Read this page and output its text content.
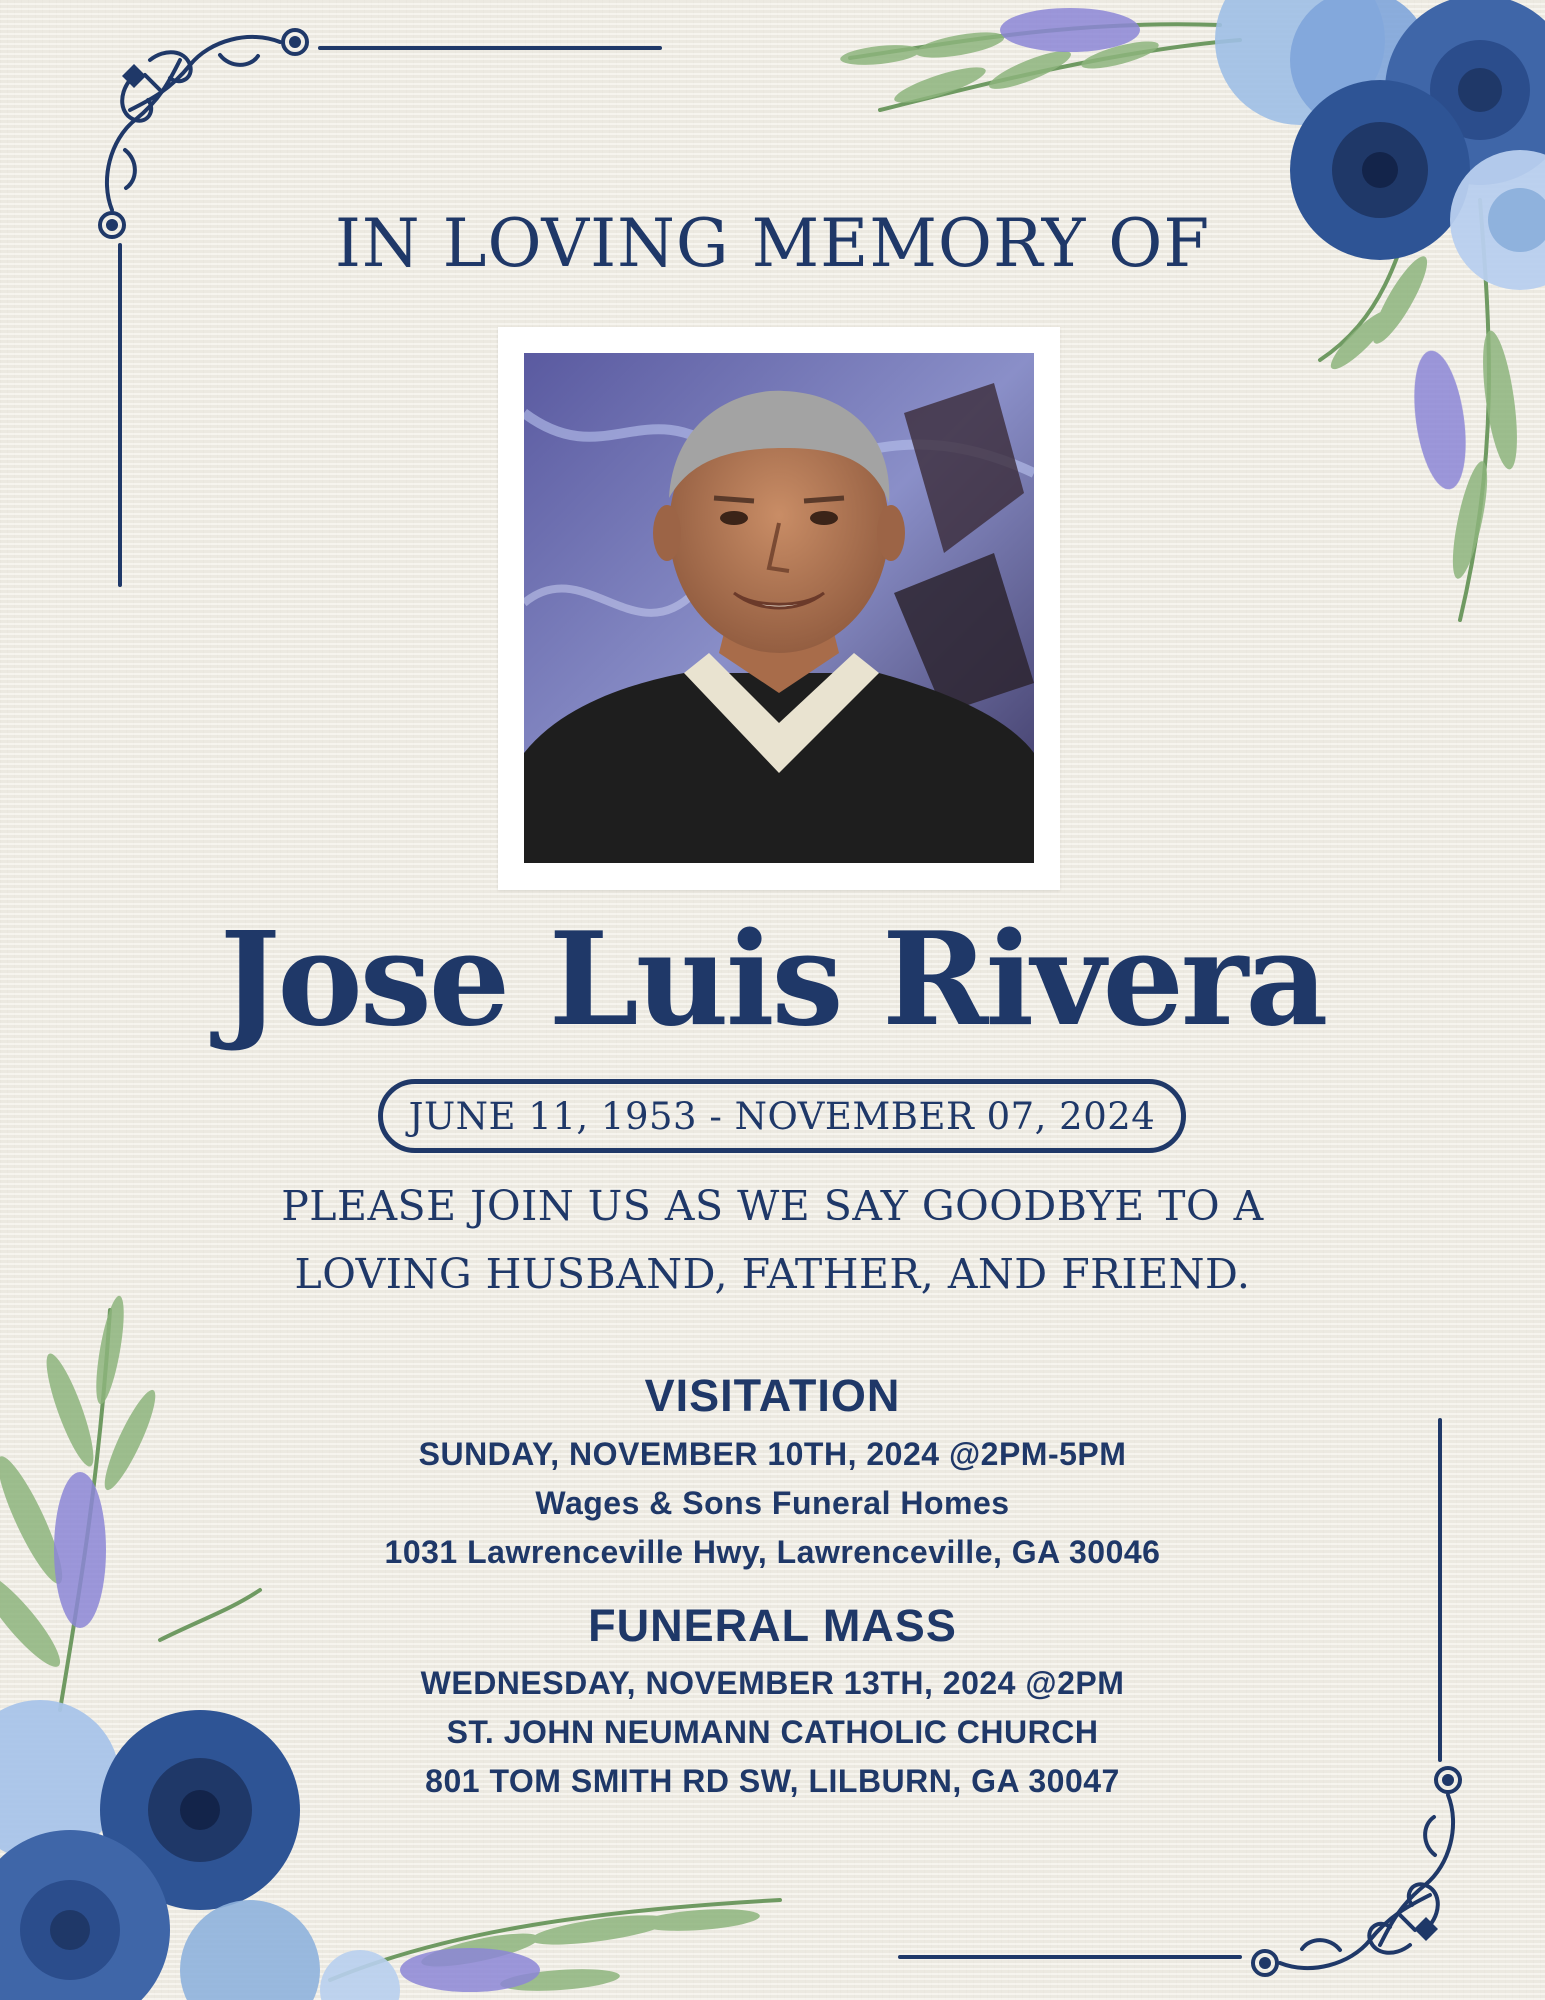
IN LOVING MEMORY OF
Jose Luis Rivera
JUNE 11, 1953 - NOVEMBER 07, 2024
PLEASE JOIN US AS WE SAY GOODBYE TO A
LOVING HUSBAND, FATHER, AND FRIEND.
VISITATION
SUNDAY, NOVEMBER 10TH, 2024 @2PM-5PM
Wages & Sons Funeral Homes
1031 Lawrenceville Hwy, Lawrenceville, GA 30046
FUNERAL MASS
WEDNESDAY, NOVEMBER 13TH, 2024 @2PM
ST. JOHN NEUMANN CATHOLIC CHURCH
801 TOM SMITH RD SW, LILBURN, GA 30047
